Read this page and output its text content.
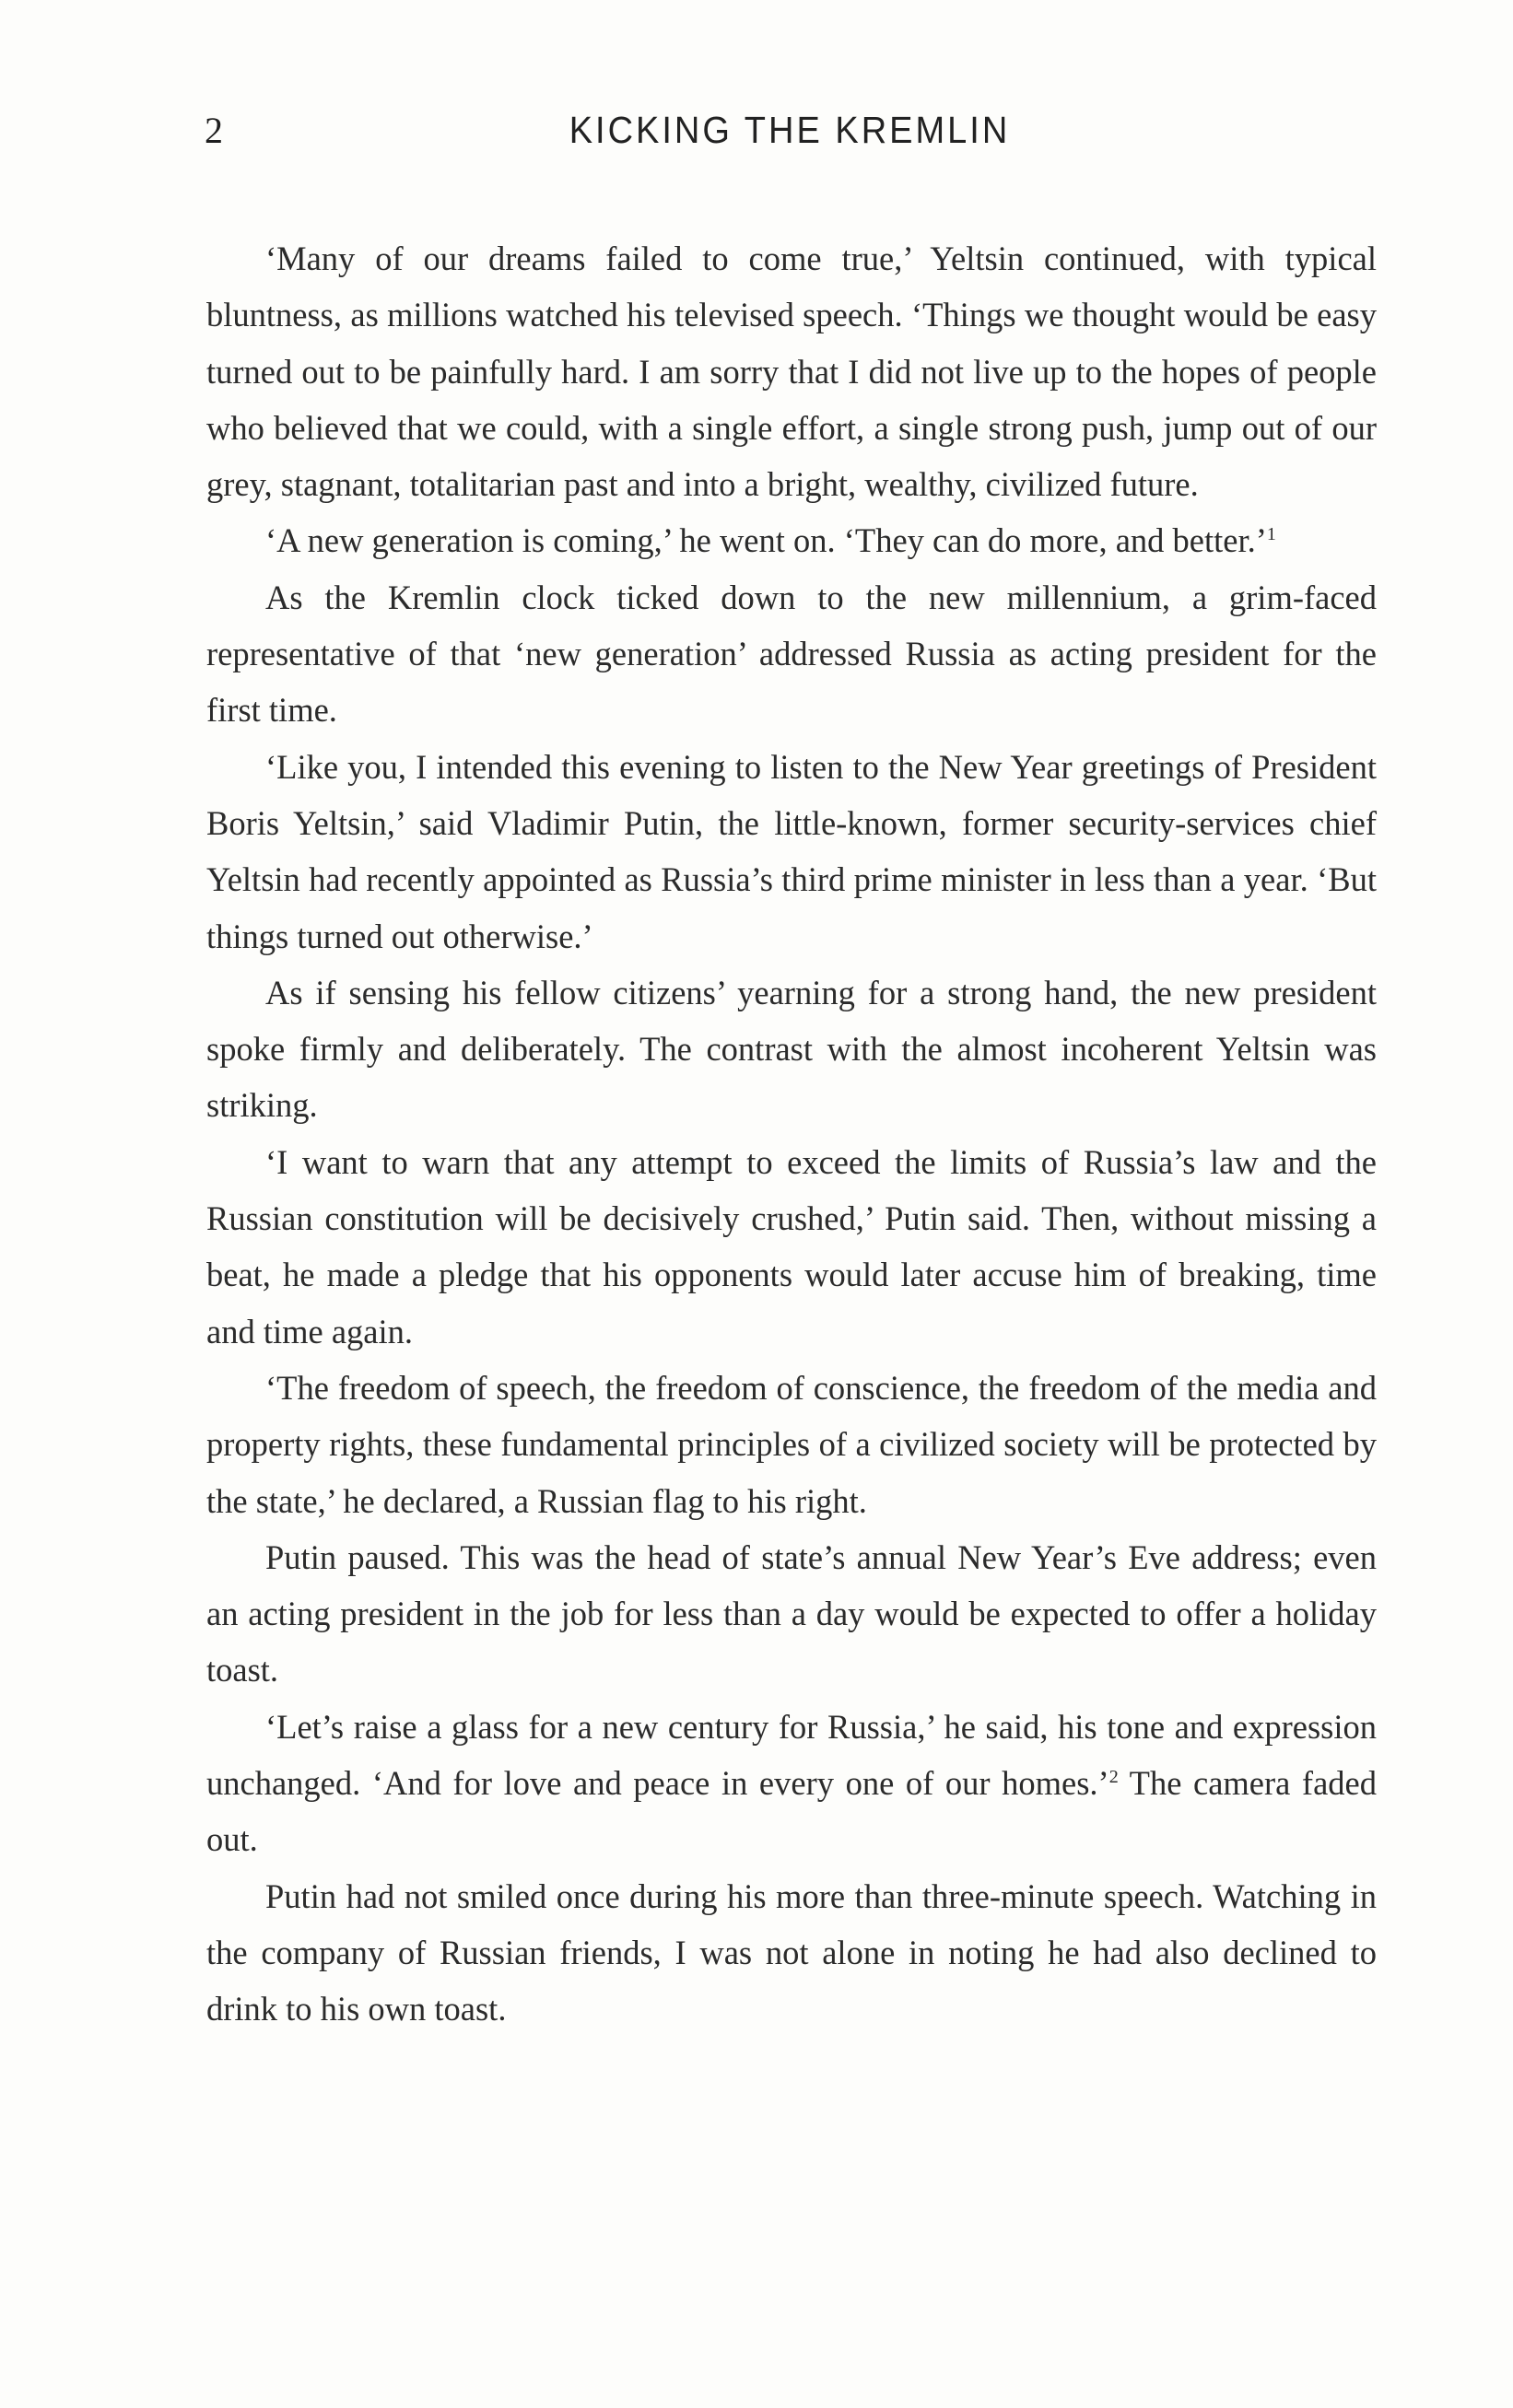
2	KICKING THE KREMLIN

‘Many of our dreams failed to come true,’ Yeltsin continued, with typical bluntness, as millions watched his televised speech. ‘Things we thought would be easy turned out to be painfully hard. I am sorry that I did not live up to the hopes of people who believed that we could, with a single effort, a single strong push, jump out of our grey, stagnant, totalitarian past and into a bright, wealthy, civilized future.

‘A new generation is coming,’ he went on. ‘They can do more, and better.’$^1$

As the Kremlin clock ticked down to the new millennium, a grim-faced representative of that ‘new generation’ addressed Russia as acting president for the first time.

‘Like you, I intended this evening to listen to the New Year greetings of President Boris Yeltsin,’ said Vladimir Putin, the little-known, former security-services chief Yeltsin had recently appointed as Russia’s third prime minister in less than a year. ‘But things turned out otherwise.’

As if sensing his fellow citizens’ yearning for a strong hand, the new president spoke firmly and deliberately. The contrast with the almost incoherent Yeltsin was striking.

‘I want to warn that any attempt to exceed the limits of Russia’s law and the Russian constitution will be decisively crushed,’ Putin said. Then, without missing a beat, he made a pledge that his opponents would later accuse him of breaking, time and time again.

‘The freedom of speech, the freedom of conscience, the freedom of the media and property rights, these fundamental principles of a civilized society will be protected by the state,’ he declared, a Russian flag to his right.

Putin paused. This was the head of state’s annual New Year’s Eve address; even an acting president in the job for less than a day would be expected to offer a holiday toast.

‘Let’s raise a glass for a new century for Russia,’ he said, his tone and expression unchanged. ‘And for love and peace in every one of our homes.’$^2$ The camera faded out.

Putin had not smiled once during his more than three-minute speech. Watching in the company of Russian friends, I was not alone in noting he had also declined to drink to his own toast.
